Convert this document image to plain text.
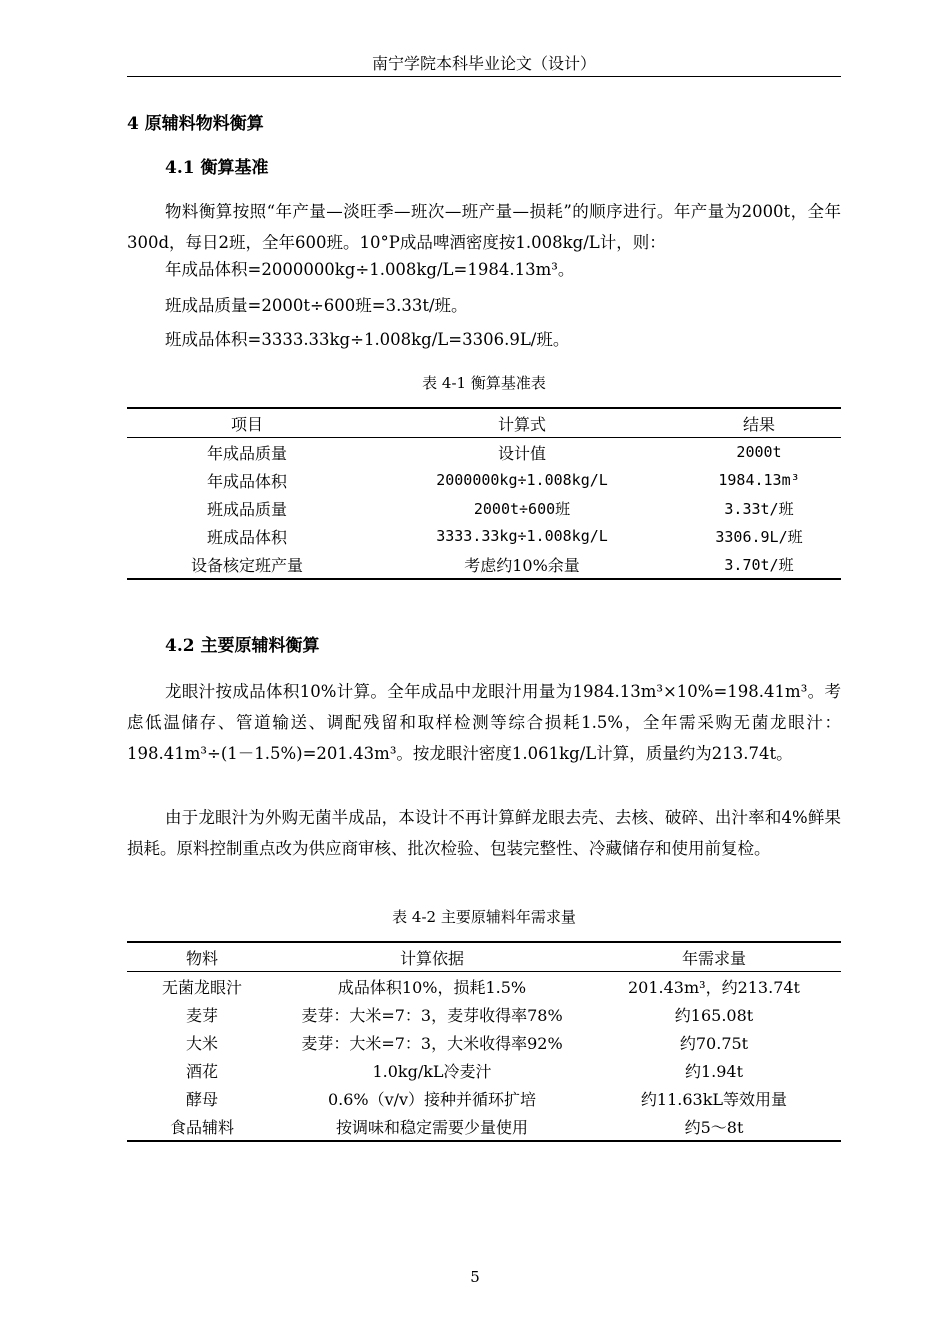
南宁学院本科毕业论文（设计）
4 原辅料物料衡算
4.1 衡算基准
物料衡算按照“年产量—淡旺季—班次—班产量—损耗”的顺序进行。年产量为2000t，全年300d，每日2班，全年600班。10°P成品啤酒密度按1.008kg/L计，则：
年成品体积=2000000kg÷1.008kg/L=1984.13m³。
班成品质量=2000t÷600班=3.33t/班。
班成品体积=3333.33kg÷1.008kg/L=3306.9L/班。
表 4-1 衡算基准表
项目	计算式	结果
年成品质量	设计值	2000t
年成品体积	2000000kg÷1.008kg/L	1984.13m³
班成品质量	2000t÷600班	3.33t/班
班成品体积	3333.33kg÷1.008kg/L	3306.9L/班
设备核定班产量	考虑约10%余量	3.70t/班
4.2 主要原辅料衡算
龙眼汁按成品体积10%计算。全年成品中龙眼汁用量为1984.13m³×10%=198.41m³。考虑低温储存、管道输送、调配残留和取样检测等综合损耗1.5%，全年需采购无菌龙眼汁：198.41m³÷(1－1.5%)=201.43m³。按龙眼汁密度1.061kg/L计算，质量约为213.74t。
由于龙眼汁为外购无菌半成品，本设计不再计算鲜龙眼去壳、去核、破碎、出汁率和4%鲜果损耗。原料控制重点改为供应商审核、批次检验、包装完整性、冷藏储存和使用前复检。
表 4-2 主要原辅料年需求量
物料	计算依据	年需求量
无菌龙眼汁	成品体积10%，损耗1.5%	201.43m³，约213.74t
麦芽	麦芽：大米=7：3，麦芽收得率78%	约165.08t
大米	麦芽：大米=7：3，大米收得率92%	约70.75t
酒花	1.0kg/kL冷麦汁	约1.94t
酵母	0.6%（v/v）接种并循环扩培	约11.63kL等效用量
食品辅料	按调味和稳定需要少量使用	约5～8t
5
